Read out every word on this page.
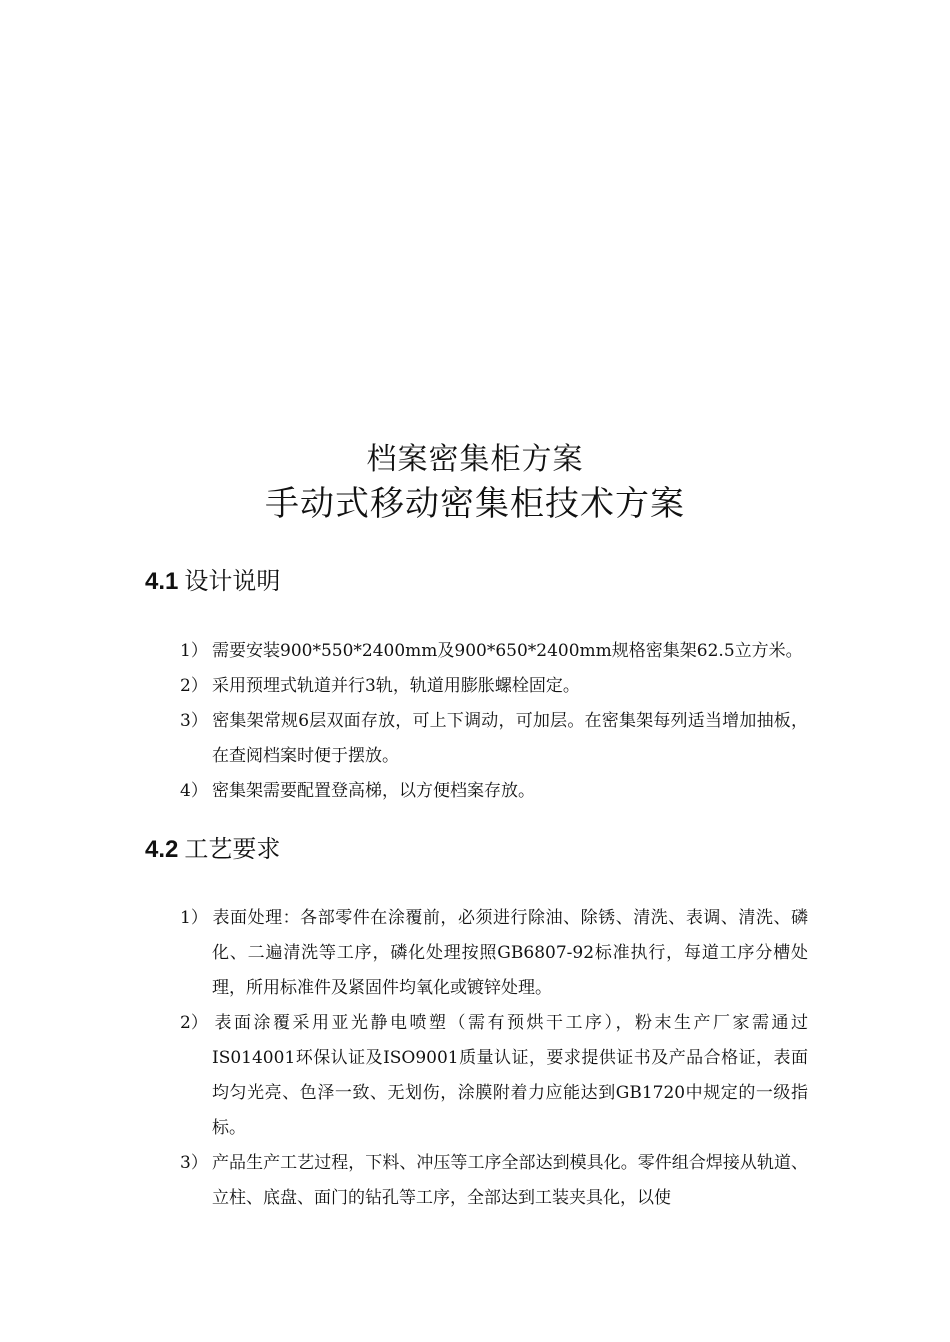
档案密集柜方案
手动式移动密集柜技术方案
4.1 设计说明
1） 需要安装900*550*2400mm及900*650*2400mm规格密集架62.5立方米。
2） 采用预埋式轨道并行3轨，轨道用膨胀螺栓固定。
3） 密集架常规6层双面存放，可上下调动，可加层。在密集架每列适当增加抽板，在查阅档案时便于摆放。
4） 密集架需要配置登高梯，以方便档案存放。
4.2 工艺要求
1） 表面处理：各部零件在涂覆前，必须进行除油、除锈、清洗、表调、清洗、磷化、二遍清洗等工序，磷化处理按照GB6807-92标准执行，每道工序分槽处理，所用标准件及紧固件均氧化或镀锌处理。
2） 表面涂覆采用亚光静电喷塑（需有预烘干工序），粉末生产厂家需通过IS014001环保认证及ISO9001质量认证，要求提供证书及产品合格证，表面均匀光亮、色泽一致、无划伤，涂膜附着力应能达到GB1720中规定的一级指标。
3） 产品生产工艺过程，下料、冲压等工序全部达到模具化。零件组合焊接从轨道、立柱、底盘、面门的钻孔等工序，全部达到工装夹具化，以使
